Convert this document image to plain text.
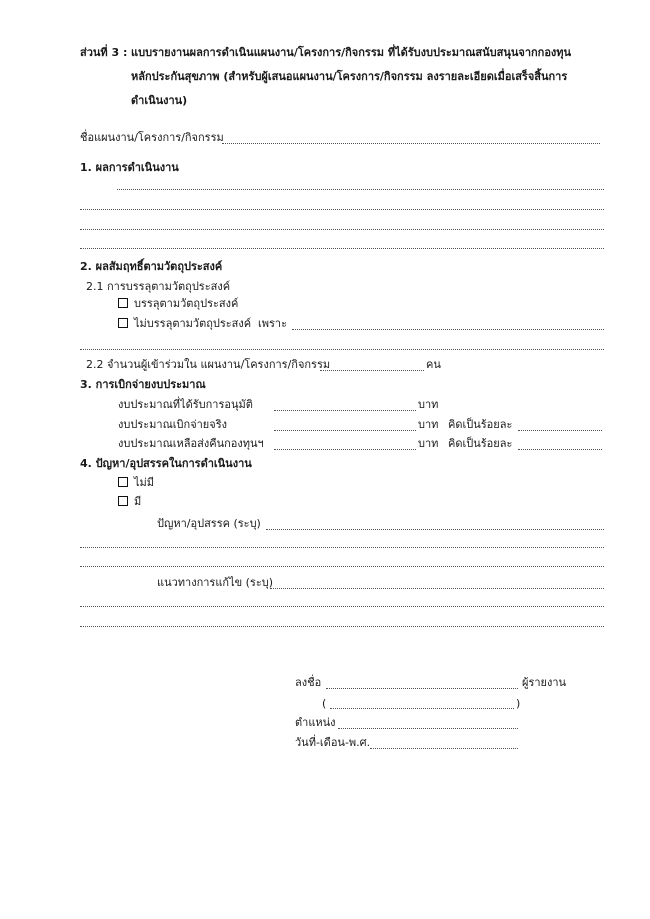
ส่วนที่ 3 : แบบรายงานผลการดำเนินแผนงาน/โครงการ/กิจกรรม ที่ได้รับงบประมาณสนับสนุนจากกองทุน
หลักประกันสุขภาพ (สำหรับผู้เสนอแผนงาน/โครงการ/กิจกรรม ลงรายละเอียดเมื่อเสร็จสิ้นการ
ดำเนินงาน)
ชื่อแผนงาน/โครงการ/กิจกรรม
1. ผลการดำเนินงาน
2. ผลสัมฤทธิ์ตามวัตถุประสงค์
2.1 การบรรลุตามวัตถุประสงค์
บรรลุตามวัตถุประสงค์
ไม่บรรลุตามวัตถุประสงค์ เพราะ
2.2 จำนวนผู้เข้าร่วมใน แผนงาน/โครงการ/กิจกรรม	คน
3. การเบิกจ่ายงบประมาณ
งบประมาณที่ได้รับการอนุมัติ	บาท
งบประมาณเบิกจ่ายจริง	บาท คิดเป็นร้อยละ
งบประมาณเหลือส่งคืนกองทุนฯ	บาท คิดเป็นร้อยละ
4. ปัญหา/อุปสรรคในการดำเนินงาน
ไม่มี
มี
ปัญหา/อุปสรรค (ระบุ)
แนวทางการแก้ไข (ระบุ)
ลงชื่อ	ผู้รายงาน
(	)
ตำแหน่ง
วันที่-เดือน-พ.ศ.
